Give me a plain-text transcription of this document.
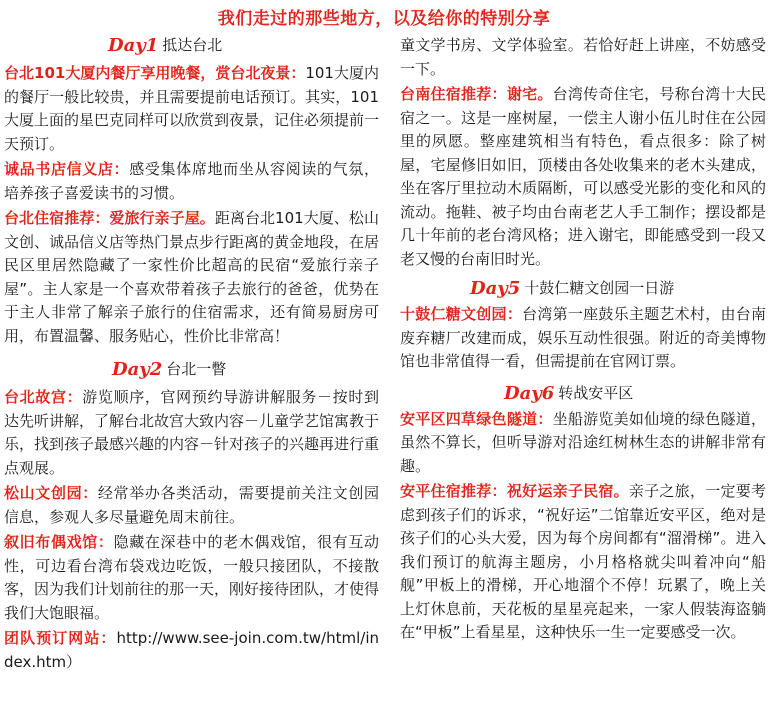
我们走过的那些地方，以及给你的特别分享
Day1 抵达台北

台北101大厦内餐厅享用晚餐，赏台北夜景：101大厦内的餐厅一般比较贵，并且需要提前电话预订。其实，101大厦上面的星巴克同样可以欣赏到夜景，记住必须提前一天预订。

诚品书店信义店：感受集体席地而坐从容阅读的气氛，培养孩子喜爱读书的习惯。

台北住宿推荐：爱旅行亲子屋。距离台北101大厦、松山文创、诚品信义店等热门景点步行距离的黄金地段，在居民区里居然隐藏了一家性价比超高的民宿“爱旅行亲子屋”。主人家是一个喜欢带着孩子去旅行的爸爸，优势在于主人非常了解亲子旅行的住宿需求，还有简易厨房可用，布置温馨、服务贴心，性价比非常高！

Day2 台北一瞥

台北故宫：游览顺序，官网预约导游讲解服务－按时到达先听讲解，了解台北故宫大致内容－儿童学艺馆寓教于乐，找到孩子最感兴趣的内容－针对孩子的兴趣再进行重点观展。

松山文创园：经常举办各类活动，需要提前关注文创园信息，参观人多尽量避免周末前往。

叙旧布偶戏馆：隐藏在深巷中的老木偶戏馆，很有互动性，可边看台湾布袋戏边吃饭，一般只接团队，不接散客，因为我们计划前往的那一天，刚好接待团队，才使得我们大饱眼福。

团队预订网站：http://www.see-join.com.tw/html/index.htm）

童文学书房、文学体验室。若恰好赶上讲座，不妨感受一下。

台南住宿推荐：谢宅。台湾传奇住宅，号称台湾十大民宿之一。这是一座树屋，一偿主人谢小伍儿时住在公园里的夙愿。整座建筑相当有特色，看点很多：除了树屋，宅屋修旧如旧，顶楼由各处收集来的老木头建成，坐在客厅里拉动木质隔断，可以感受光影的变化和风的流动。拖鞋、被子均由台南老艺人手工制作；摆设都是几十年前的老台湾风格；进入谢宅，即能感受到一段又老又慢的台南旧时光。

Day5 十鼓仁糖文创园一日游

十鼓仁糖文创园：台湾第一座鼓乐主题艺术村，由台南废弃糖厂改建而成，娱乐互动性很强。附近的奇美博物馆也非常值得一看，但需提前在官网订票。

Day6 转战安平区

安平区四草绿色隧道：坐船游览美如仙境的绿色隧道，虽然不算长，但听导游对沿途红树林生态的讲解非常有趣。

安平住宿推荐：祝好运亲子民宿。亲子之旅，一定要考虑到孩子们的诉求，“祝好运”二馆靠近安平区，绝对是孩子们的心头大爱，因为每个房间都有“溜滑梯”。进入我们预订的航海主题房，小月格格就尖叫着冲向“船舰”甲板上的滑梯，开心地溜个不停！玩累了，晚上关上灯休息前，天花板的星星亮起来，一家人假装海盗躺在“甲板”上看星星，这种快乐一生一定要感受一次。
